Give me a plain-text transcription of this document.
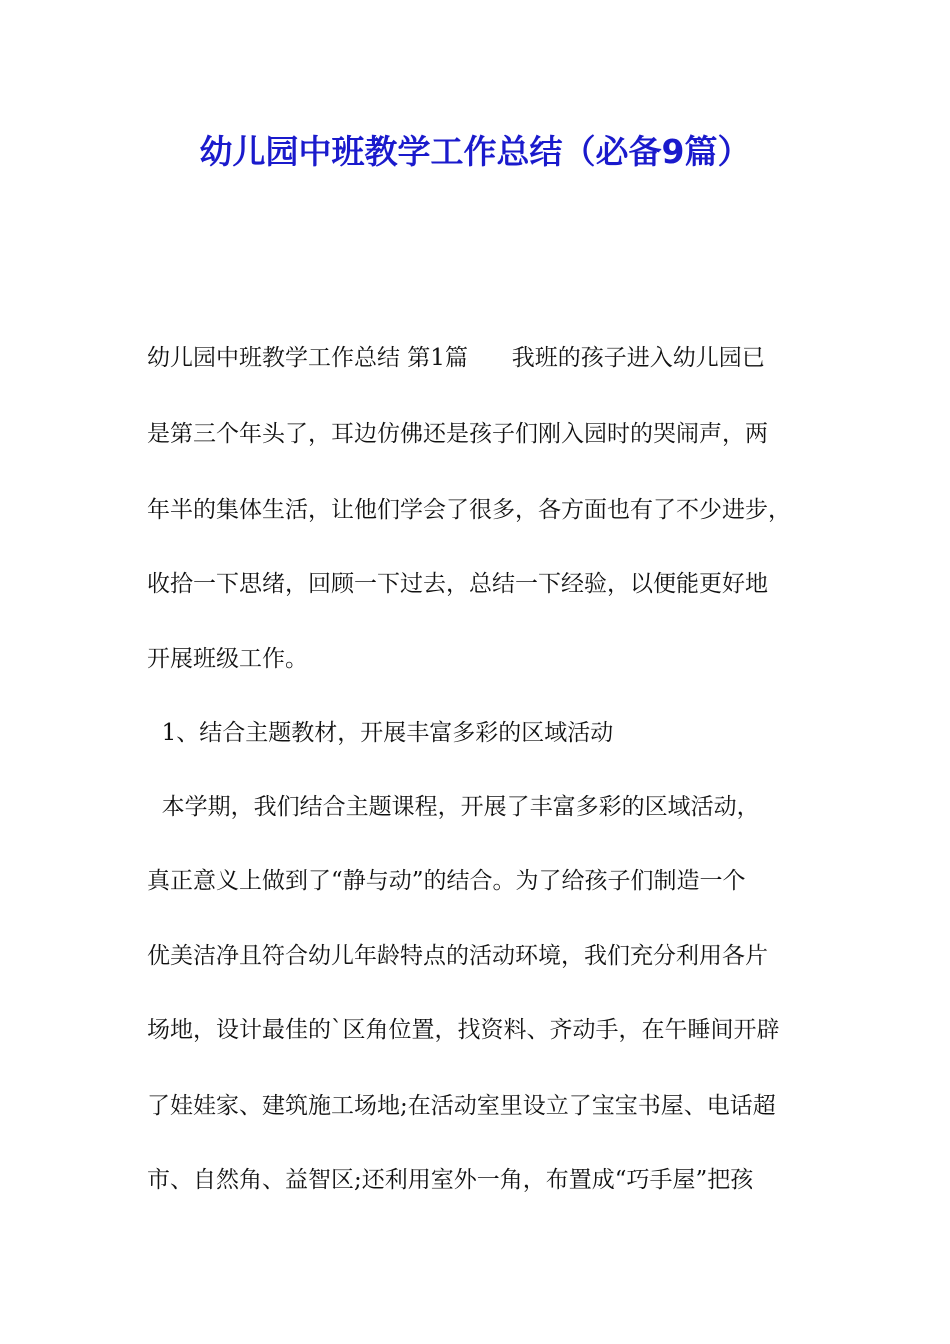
幼儿园中班教学工作总结（必备9篇）

幼儿园中班教学工作总结 第1篇      我班的孩子进入幼儿园已

是第三个年头了，耳边仿佛还是孩子们刚入园时的哭闹声，两

年半的集体生活，让他们学会了很多，各方面也有了不少进步，

收拾一下思绪，回顾一下过去，总结一下经验，以便能更好地

开展班级工作。

1、结合主题教材，开展丰富多彩的区域活动

本学期，我们结合主题课程，开展了丰富多彩的区域活动，

真正意义上做到了“静与动”的结合。为了给孩子们制造一个

优美洁净且符合幼儿年龄特点的活动环境，我们充分利用各片

场地，设计最佳的`区角位置，找资料、齐动手，在午睡间开辟

了娃娃家、建筑施工场地;在活动室里设立了宝宝书屋、电话超

市、自然角、益智区;还利用室外一角，布置成“巧手屋”把孩
